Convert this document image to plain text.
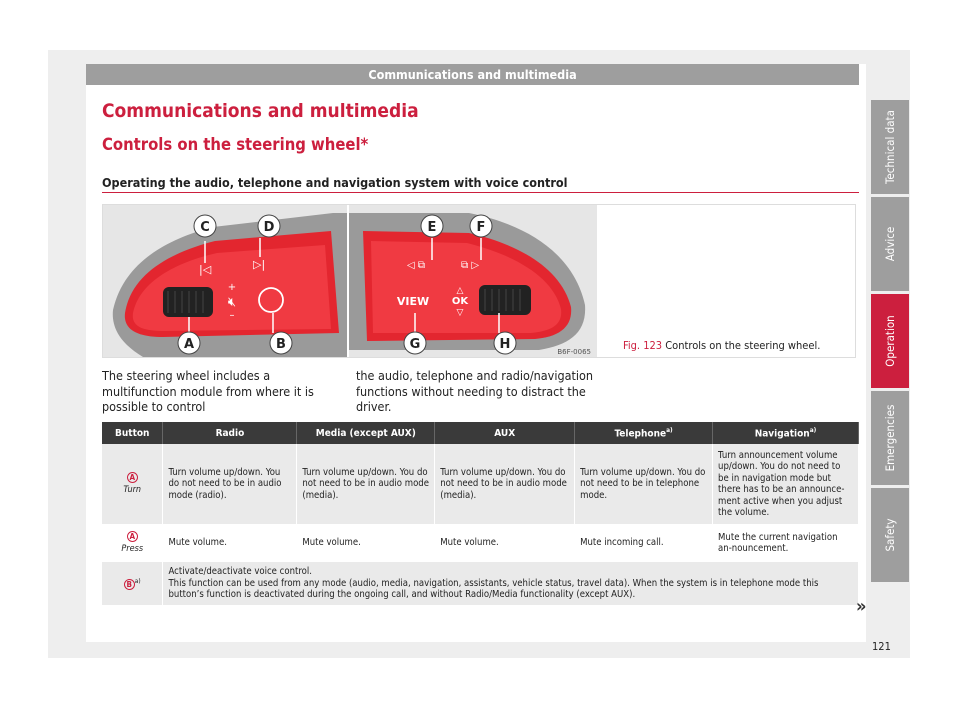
Communications and multimedia
Communications and multimedia
Controls on the steering wheel*
Operating the audio, telephone and navigation system with voice control
🔇︎
+
–
|◁	▷|
C	D
A	B
◁ ⧉	⧉ ▷
VIEW
△
OK
▽
E	F
G	H	B6F-0065	Fig. 123 Controls on the steering wheel.
The steering wheel includes a multifunction module from where it is possible to control
the audio, telephone and radio/navigation functions without needing to distract the driver.
Button	Radio	Media (except AUX)	AUX	Telephone$^{a)}$	Navigation$^{a)}$
A
Turn	Turn volume up/down. You do not need to be in audio mode (radio).	Turn volume up/down. You do not need to be in audio mode (media).	Turn volume up/down. You do not need to be in audio mode (media).	Turn volume up/down. You do not need to be in telephone mode.	Turn announcement volume up/down. You do not need to be in navigation mode but there has to be an announce-ment active when you adjust the volume.
A
Press	Mute volume.	Mute volume.	Mute volume.	Mute incoming call.	Mute the current navigation an-nouncement.
B $^{a)}$	Activate/deactivate voice control.
This function can be used from any mode (audio, media, navigation, assistants, vehicle status, travel data). When the system is in telephone mode this button’s function is deactivated during the ongoing call, and without Radio/Media functionality (except AUX).				
»
Technical data
Advice
Operation
Emergencies
Safety
121
